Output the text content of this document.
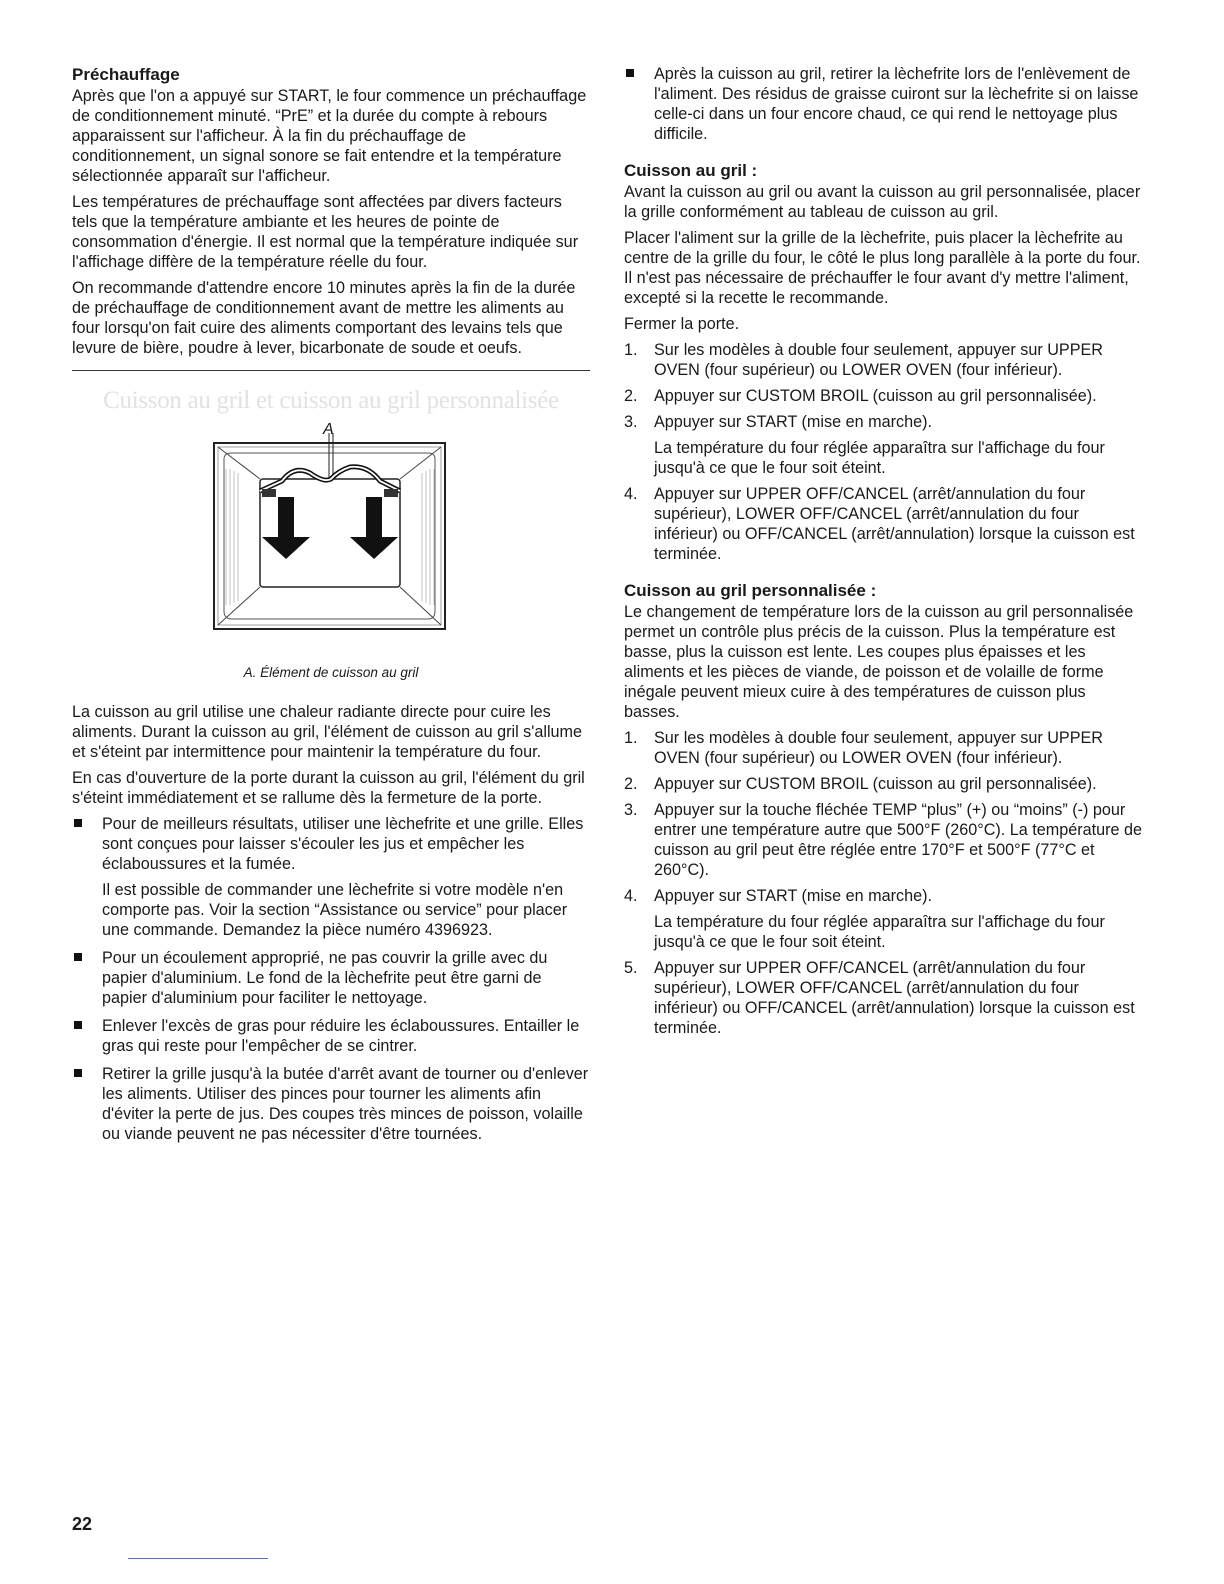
Préchauffage

Après que l'on a appuyé sur START, le four commence un préchauffage de conditionnement minuté. “PrE” et la durée du compte à rebours apparaissent sur l'afficheur. À la fin du préchauffage de conditionnement, un signal sonore se fait entendre et la température sélectionnée apparaît sur l'afficheur.

Les températures de préchauffage sont affectées par divers facteurs tels que la température ambiante et les heures de pointe de consommation d'énergie. Il est normal que la température indiquée sur l'affichage diffère de la température réelle du four.

On recommande d'attendre encore 10 minutes après la fin de la durée de préchauffage de conditionnement avant de mettre les aliments au four lorsqu'on fait cuire des aliments comportant des levains tels que levure de bière, poudre à lever, bicarbonate de soude et oeufs.

Cuisson au gril et cuisson au gril personnalisée
A
A. Élément de cuisson au gril

La cuisson au gril utilise une chaleur radiante directe pour cuire les aliments. Durant la cuisson au gril, l'élément de cuisson au gril s'allume et s'éteint par intermittence pour maintenir la température du four.

En cas d'ouverture de la porte durant la cuisson au gril, l'élément du gril s'éteint immédiatement et se rallume dès la fermeture de la porte.

Pour de meilleurs résultats, utiliser une lèchefrite et une grille. Elles sont conçues pour laisser s'écouler les jus et empêcher les éclaboussures et la fumée.

Il est possible de commander une lèchefrite si votre modèle n'en comporte pas. Voir la section “Assistance ou service” pour placer une commande. Demandez la pièce numéro 4396923.

Pour un écoulement approprié, ne pas couvrir la grille avec du papier d'aluminium. Le fond de la lèchefrite peut être garni de papier d'aluminium pour faciliter le nettoyage.

Enlever l'excès de gras pour réduire les éclaboussures. Entailler le gras qui reste pour l'empêcher de se cintrer.

Retirer la grille jusqu'à la butée d'arrêt avant de tourner ou d'enlever les aliments. Utiliser des pinces pour tourner les aliments afin d'éviter la perte de jus. Des coupes très minces de poisson, volaille ou viande peuvent ne pas nécessiter d'être tournées.

Après la cuisson au gril, retirer la lèchefrite lors de l'enlèvement de l'aliment. Des résidus de graisse cuiront sur la lèchefrite si on laisse celle-ci dans un four encore chaud, ce qui rend le nettoyage plus difficile.

Cuisson au gril :

Avant la cuisson au gril ou avant la cuisson au gril personnalisée, placer la grille conformément au tableau de cuisson au gril.

Placer l'aliment sur la grille de la lèchefrite, puis placer la lèchefrite au centre de la grille du four, le côté le plus long parallèle à la porte du four. Il n'est pas nécessaire de préchauffer le four avant d'y mettre l'aliment, excepté si la recette le recommande.

Fermer la porte.

1. Sur les modèles à double four seulement, appuyer sur UPPER OVEN (four supérieur) ou LOWER OVEN (four inférieur).

2. Appuyer sur CUSTOM BROIL (cuisson au gril personnalisée).

3. Appuyer sur START (mise en marche).

La température du four réglée apparaîtra sur l'affichage du four jusqu'à ce que le four soit éteint.

4. Appuyer sur UPPER OFF/CANCEL (arrêt/annulation du four supérieur), LOWER OFF/CANCEL (arrêt/annulation du four inférieur) ou OFF/CANCEL (arrêt/annulation) lorsque la cuisson est terminée.

Cuisson au gril personnalisée :

Le changement de température lors de la cuisson au gril personnalisée permet un contrôle plus précis de la cuisson. Plus la température est basse, plus la cuisson est lente. Les coupes plus épaisses et les aliments et les pièces de viande, de poisson et de volaille de forme inégale peuvent mieux cuire à des températures de cuisson plus basses.

1. Sur les modèles à double four seulement, appuyer sur UPPER OVEN (four supérieur) ou LOWER OVEN (four inférieur).

2. Appuyer sur CUSTOM BROIL (cuisson au gril personnalisée).

3. Appuyer sur la touche fléchée TEMP “plus” (+) ou “moins” (-) pour entrer une température autre que 500°F (260°C). La température de cuisson au gril peut être réglée entre 170°F et 500°F (77°C et 260°C).

4. Appuyer sur START (mise en marche).

La température du four réglée apparaîtra sur l'affichage du four jusqu'à ce que le four soit éteint.

5. Appuyer sur UPPER OFF/CANCEL (arrêt/annulation du four supérieur), LOWER OFF/CANCEL (arrêt/annulation du four inférieur) ou OFF/CANCEL (arrêt/annulation) lorsque la cuisson est terminée.

22
